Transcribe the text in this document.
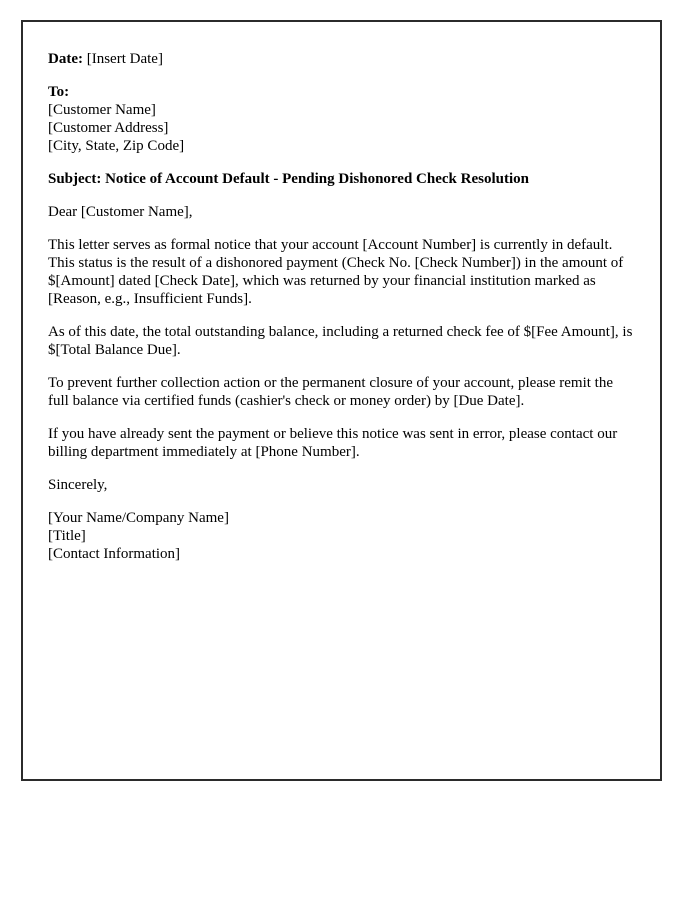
Date: [Insert Date]
To:
[Customer Name]
[Customer Address]
[City, State, Zip Code]
Subject: Notice of Account Default - Pending Dishonored Check Resolution
Dear [Customer Name],
This letter serves as formal notice that your account [Account Number] is currently in default. This status is the result of a dishonored payment (Check No. [Check Number]) in the amount of $[Amount] dated [Check Date], which was returned by your financial institution marked as [Reason, e.g., Insufficient Funds].
As of this date, the total outstanding balance, including a returned check fee of $[Fee Amount], is $[Total Balance Due].
To prevent further collection action or the permanent closure of your account, please remit the full balance via certified funds (cashier's check or money order) by [Due Date].
If you have already sent the payment or believe this notice was sent in error, please contact our billing department immediately at [Phone Number].
Sincerely,
[Your Name/Company Name]
[Title]
[Contact Information]
